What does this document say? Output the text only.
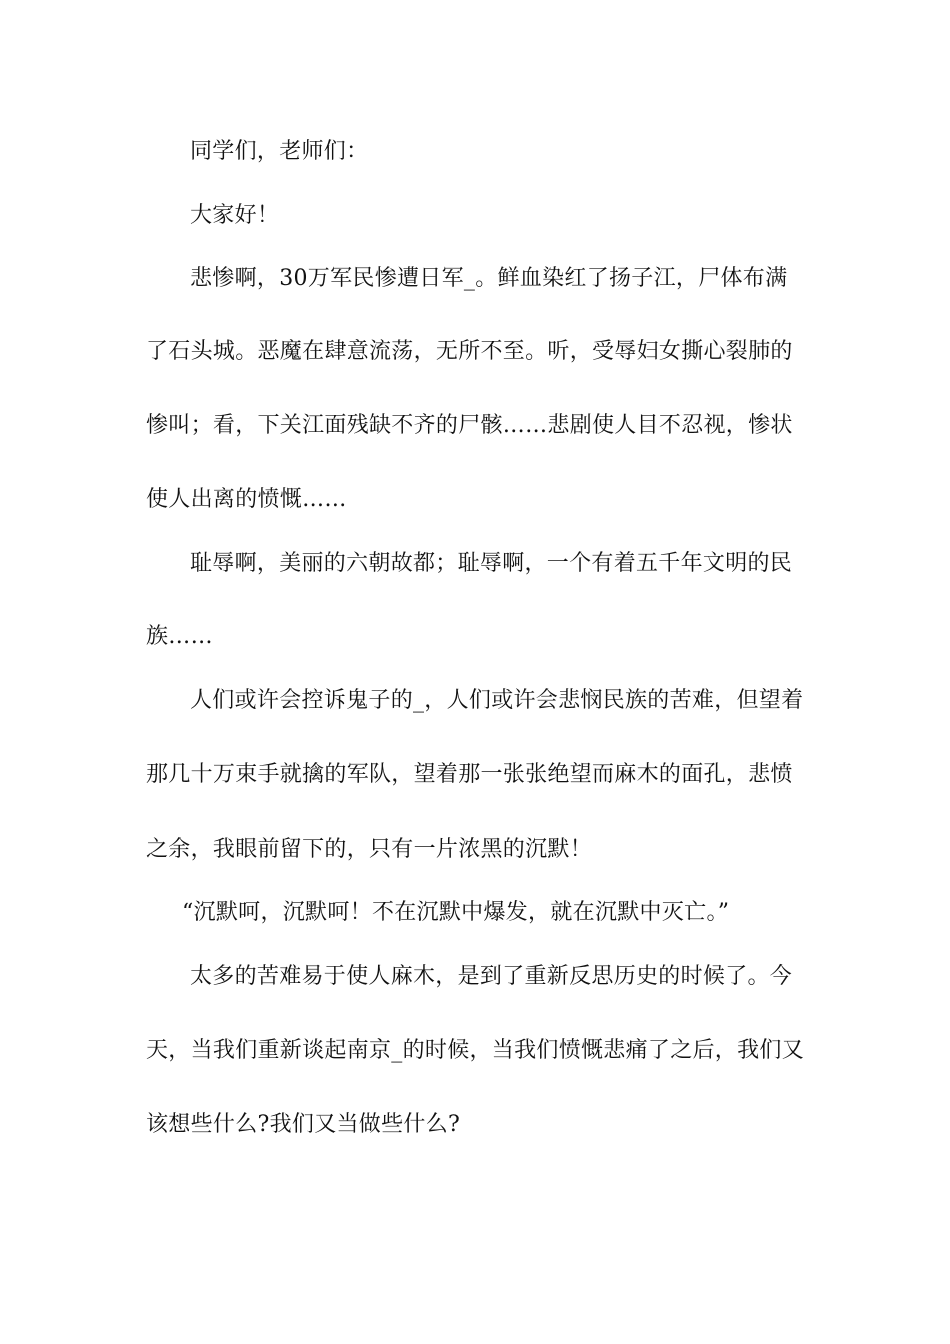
同学们，老师们：

大家好！

悲惨啊，30万军民惨遭日军_。鲜血染红了扬子江，尸体布满

了石头城。恶魔在肆意流荡，无所不至。听，受辱妇女撕心裂肺的

惨叫；看，下关江面残缺不齐的尸骸……悲剧使人目不忍视，惨状

使人出离的愤慨……

耻辱啊，美丽的六朝故都；耻辱啊，一个有着五千年文明的民

族……

人们或许会控诉鬼子的_，人们或许会悲悯民族的苦难，但望着

那几十万束手就擒的军队，望着那一张张绝望而麻木的面孔，悲愤

之余，我眼前留下的，只有一片浓黑的沉默！

“沉默呵，沉默呵！不在沉默中爆发，就在沉默中灭亡。”

太多的苦难易于使人麻木，是到了重新反思历史的时候了。今

天，当我们重新谈起南京_的时候，当我们愤慨悲痛了之后，我们又

该想些什么?我们又当做些什么?
